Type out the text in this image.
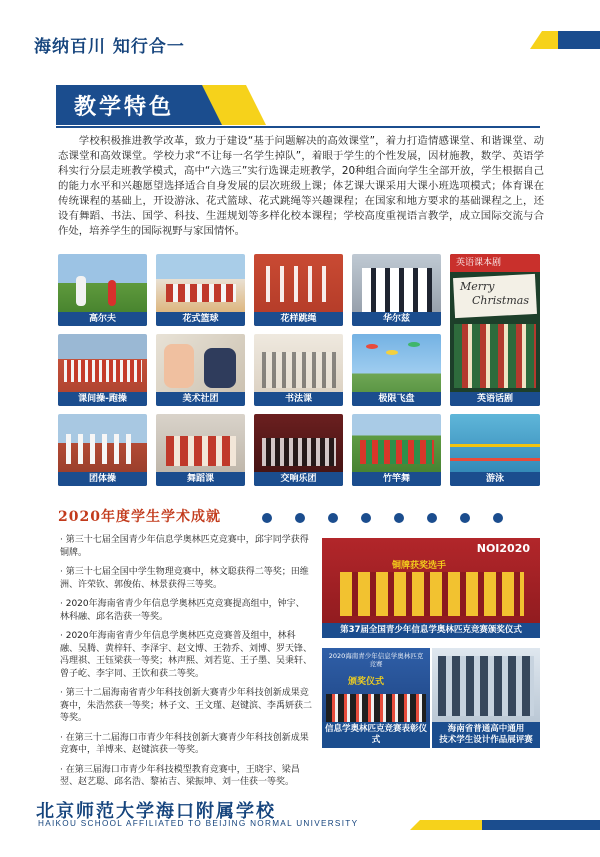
海纳百川 知行合一
教学特色

学校积极推进教学改革，致力于建设“基于问题解决的高效课堂”，着力打造情感课堂、和谐课堂、动态课堂和高效课堂。学校力求“不让每一名学生掉队”，着眼于学生的个性发展，因材施教，数学、英语学科实行分层走班教学模式，高中“六选三”实行选课走班教学，20种组合面向学生全部开放，学生根据自己的能力水平和兴趣愿望选择适合自身发展的层次班级上课；体艺课大课采用大课小班选项模式；体育课在传统课程的基础上，开设游泳、花式篮球、花式跳绳等兴趣课程；在国家和地方要求的基础课程之上，还设有舞蹈、书法、国学、科技、生涯规划等多样化校本课程；学校高度重视语言教学，成立国际交流与合作处，培养学生的国际视野与家国情怀。

高尔夫	花式篮球	花样跳绳	华尔兹
英语课本剧
Merry
Christmas
英语话剧
课间操-跑操	美术社团	书法课	极限飞盘
团体操	舞蹈课	交响乐团	竹竿舞	游泳
2020年度学生学术成就

· 第三十七届全国青少年信息学奥林匹克竞赛中，邱宇同学获得铜牌。

· 第三十七届全国中学生物理竞赛中，林文聪获得二等奖；田维洲、许荣钦、郭俊佑、林景获得三等奖。

· 2020年海南省青少年信息学奥林匹克竞赛提高组中，钟宇、林科融、邱名浩获一等奖。

· 2020年海南省青少年信息学奥林匹克竞赛普及组中，林科融、吴腾、黄梓轩、李泽宇、赵文博、王勃乔、刘博、罗天锋、冯理祺、王钰梁获一等奖；林声熙、刘若览、王子墨、吴秉轩、曾子屹、李宇同、王饮和获二等奖。

· 第三十二届海南省青少年科技创新大赛青少年科技创新成果竞赛中，朱浩然获一等奖；林子文、王文瑾、赵键滨、李禹妍获二等奖。

· 在第三十二届海口市青少年科技创新大赛青少年科技创新成果竞赛中，羊博来、赵键滨获一等奖。

· 在第三届海口市青少年科技模型教育竞赛中，王晓宇、梁昌翌、赵艺聪、邱名浩、黎祐吉、梁振坤、刘一佳获一等奖。

NOI2020
铜牌获奖选手
第37届全国青少年信息学奥林匹克竞赛颁奖仪式
2020海南青少年信息学奥林匹克竞赛
颁奖仪式
信息学奥林匹克竞赛表彰仪式
海南省普通高中通用
技术学生设计作品展评赛
北京师范大学海口附属学校
HAIKOU SCHOOL AFFILIATED TO BEIJING NORMAL UNIVERSITY
